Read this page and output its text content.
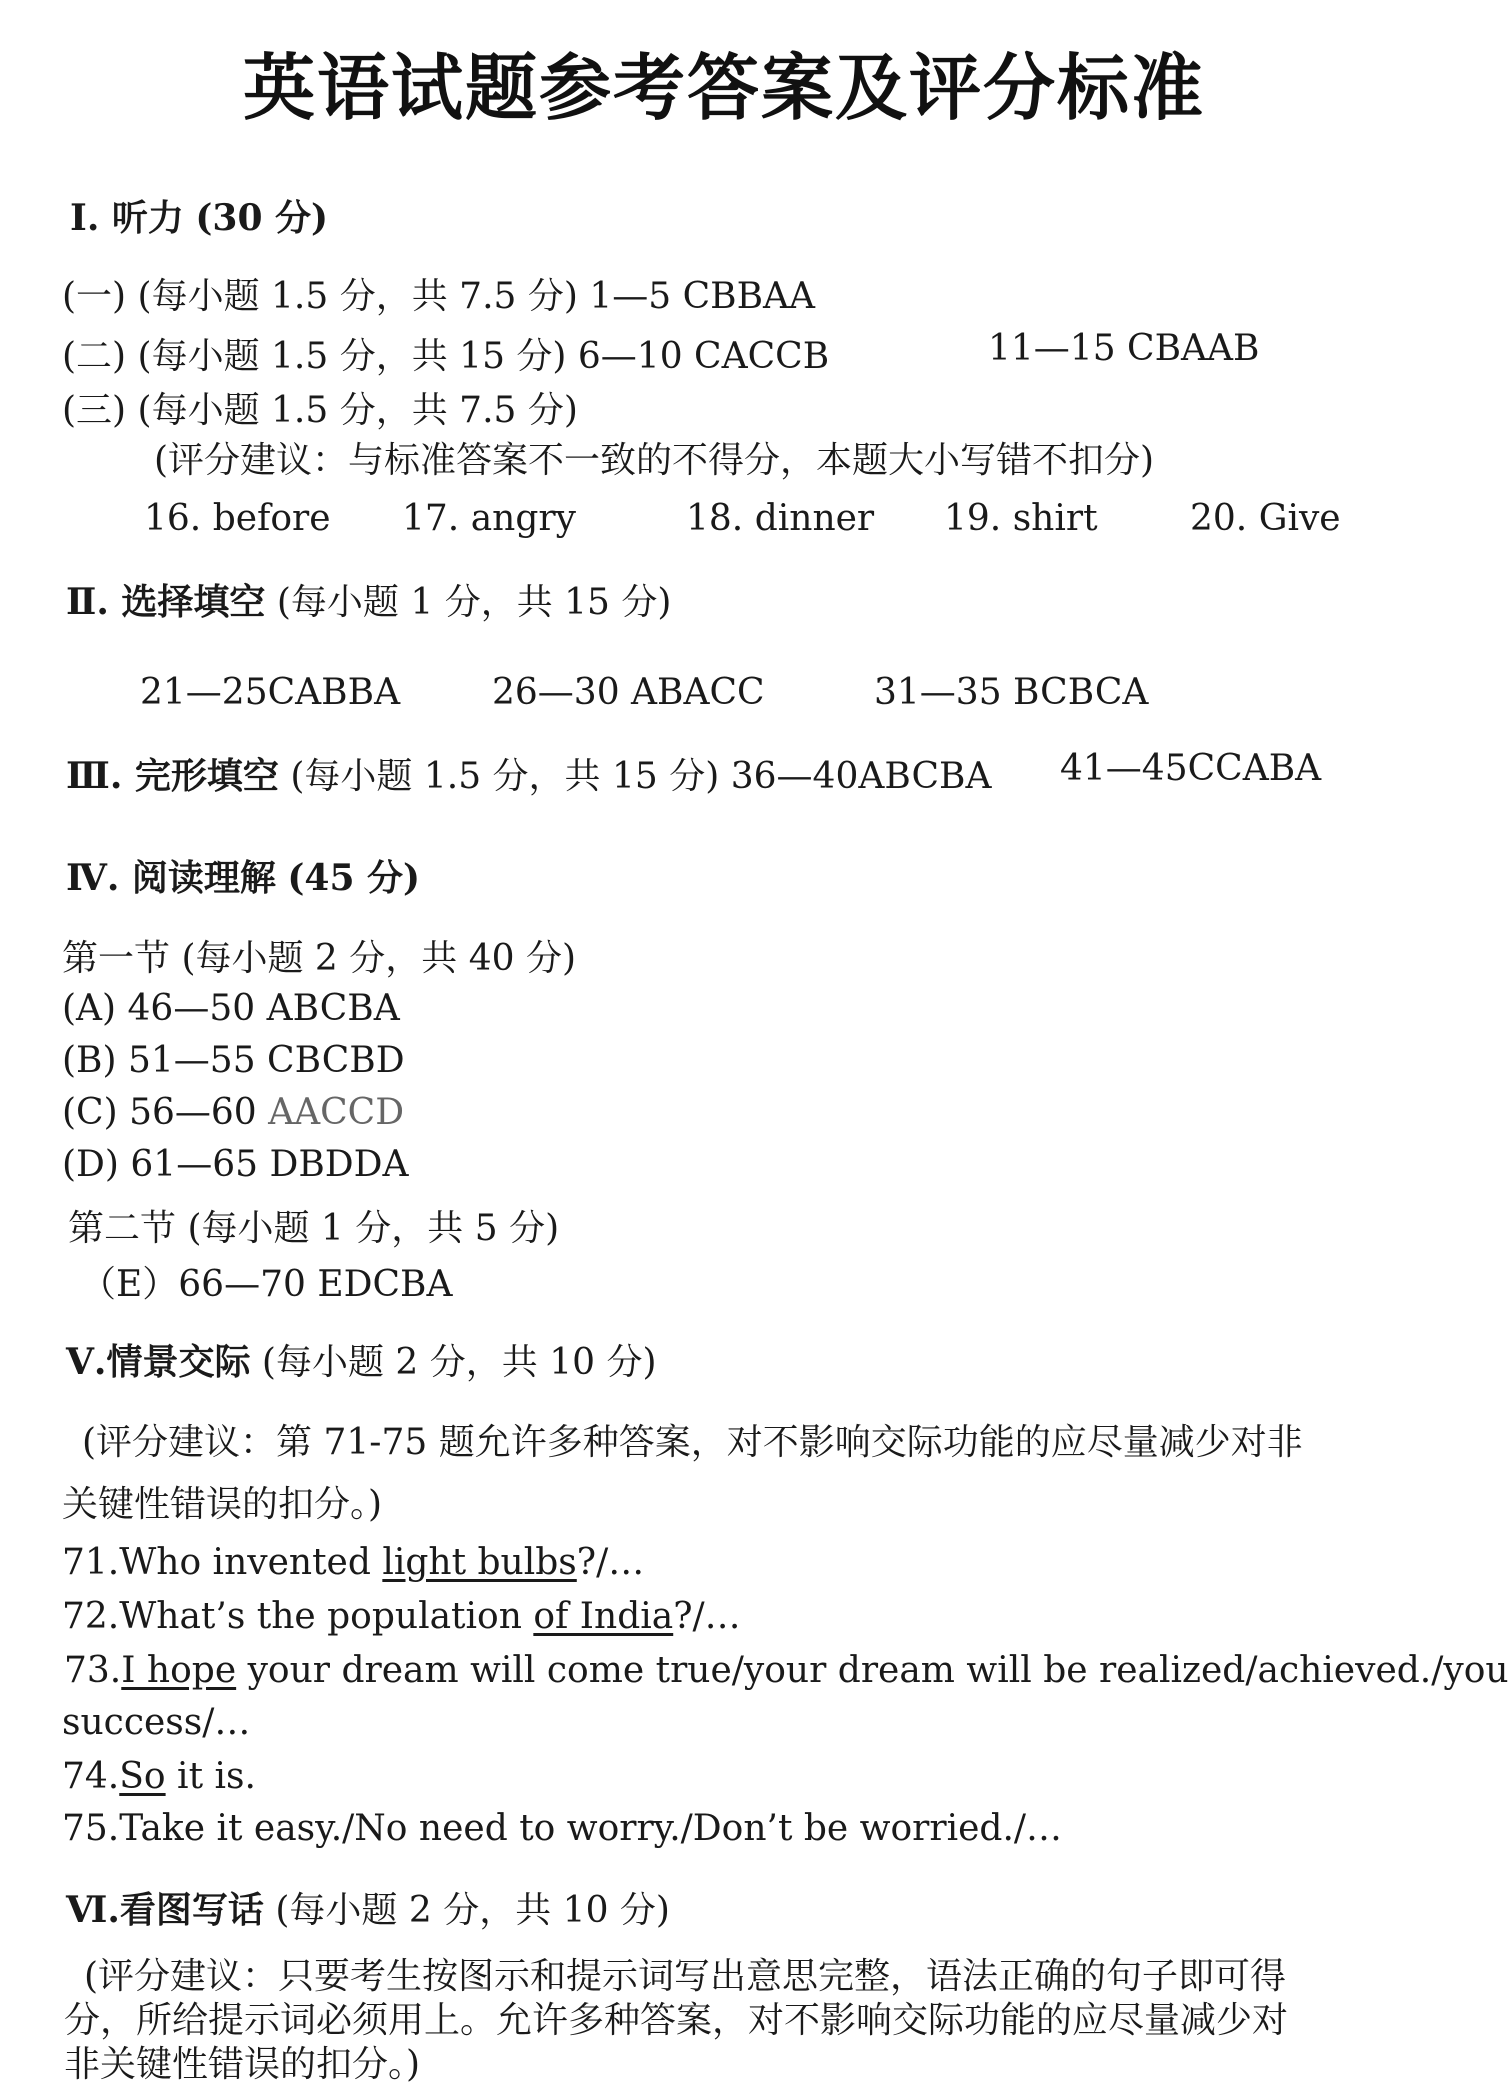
英语试题参考答案及评分标准
Ⅰ. 听力 (30 分)
(一) (每小题 1.5 分，共 7.5 分) 1—5 CBBAA
(二) (每小题 1.5 分，共 15 分) 6—10 CACCB	11—15 CBAAB
(三) (每小题 1.5 分，共 7.5 分)
(评分建议：与标准答案不一致的不得分，本题大小写错不扣分)
16. before 17. angry	18. dinner 19. shirt	20. Give
Ⅱ. 选择填空 (每小题 1 分，共 15 分)
21—25CABBA	26—30 ABACC	31—35 BCBCA
Ⅲ. 完形填空 (每小题 1.5 分，共 15 分) 36—40ABCBA 41—45CCABA
Ⅳ. 阅读理解 (45 分)
第一节 (每小题 2 分，共 40 分)
(A) 46—50 ABCBA
(B) 51—55 CBCBD
(C) 56—60 AACCD
(D) 61—65 DBDDA
第二节 (每小题 1 分，共 5 分)
（E）66—70 EDCBA
Ⅴ.情景交际 (每小题 2 分，共 10 分)
(评分建议：第 71-75 题允许多种答案，对不影响交际功能的应尽量减少对非
关键性错误的扣分。)
71.Who invented light bulbs?/…
72.What’s the population of India?/…
73.I hope your dream will come true/your dream will be realized/achieved./you
success/…
74.So it is.
75.Take it easy./No need to worry./Don’t be worried./…
Ⅵ.看图写话 (每小题 2 分，共 10 分)
(评分建议：只要考生按图示和提示词写出意思完整，语法正确的句子即可得
分，所给提示词必须用上。允许多种答案，对不影响交际功能的应尽量减少对
非关键性错误的扣分。)
